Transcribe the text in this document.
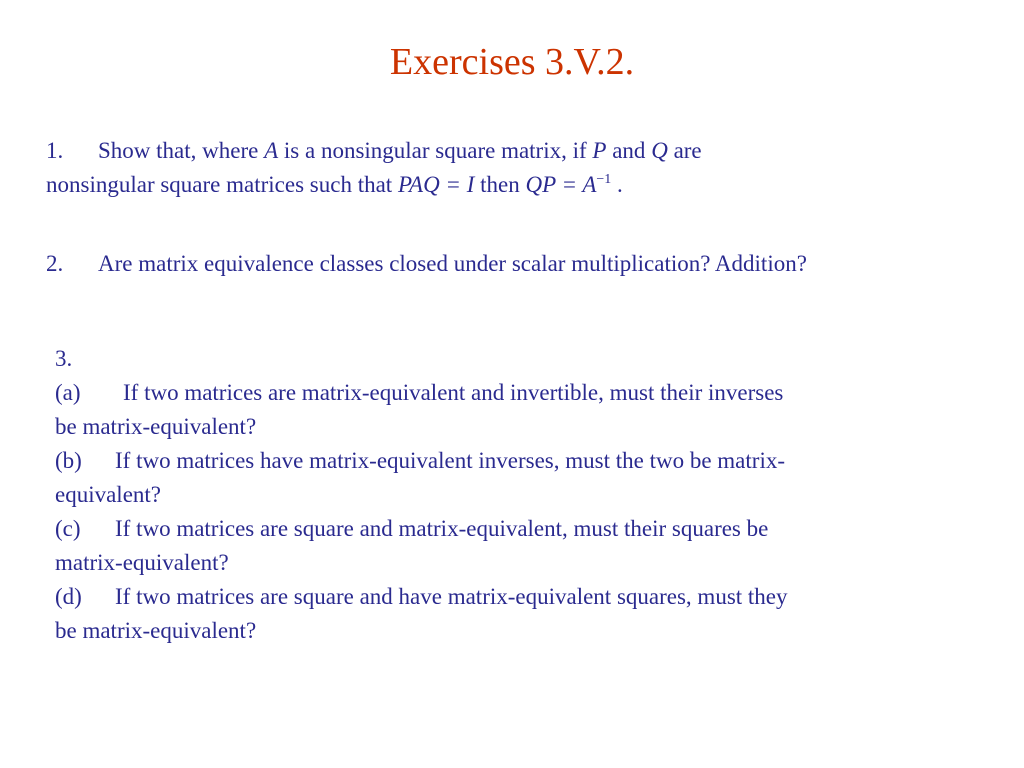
Exercises 3.V.2.
1. Show that, where A is a nonsingular square matrix, if P and Q are
nonsingular square matrices such that PAQ = I then QP = $A^{-1}$ .
2. Are matrix equivalence classes closed under scalar multiplication? Addition?
3.
(a) If two matrices are matrix-equivalent and invertible, must their inverses
be matrix-equivalent?
(b) If two matrices have matrix-equivalent inverses, must the two be matrix-
equivalent?
(c) If two matrices are square and matrix-equivalent, must their squares be
matrix-equivalent?
(d) If two matrices are square and have matrix-equivalent squares, must they
be matrix-equivalent?
